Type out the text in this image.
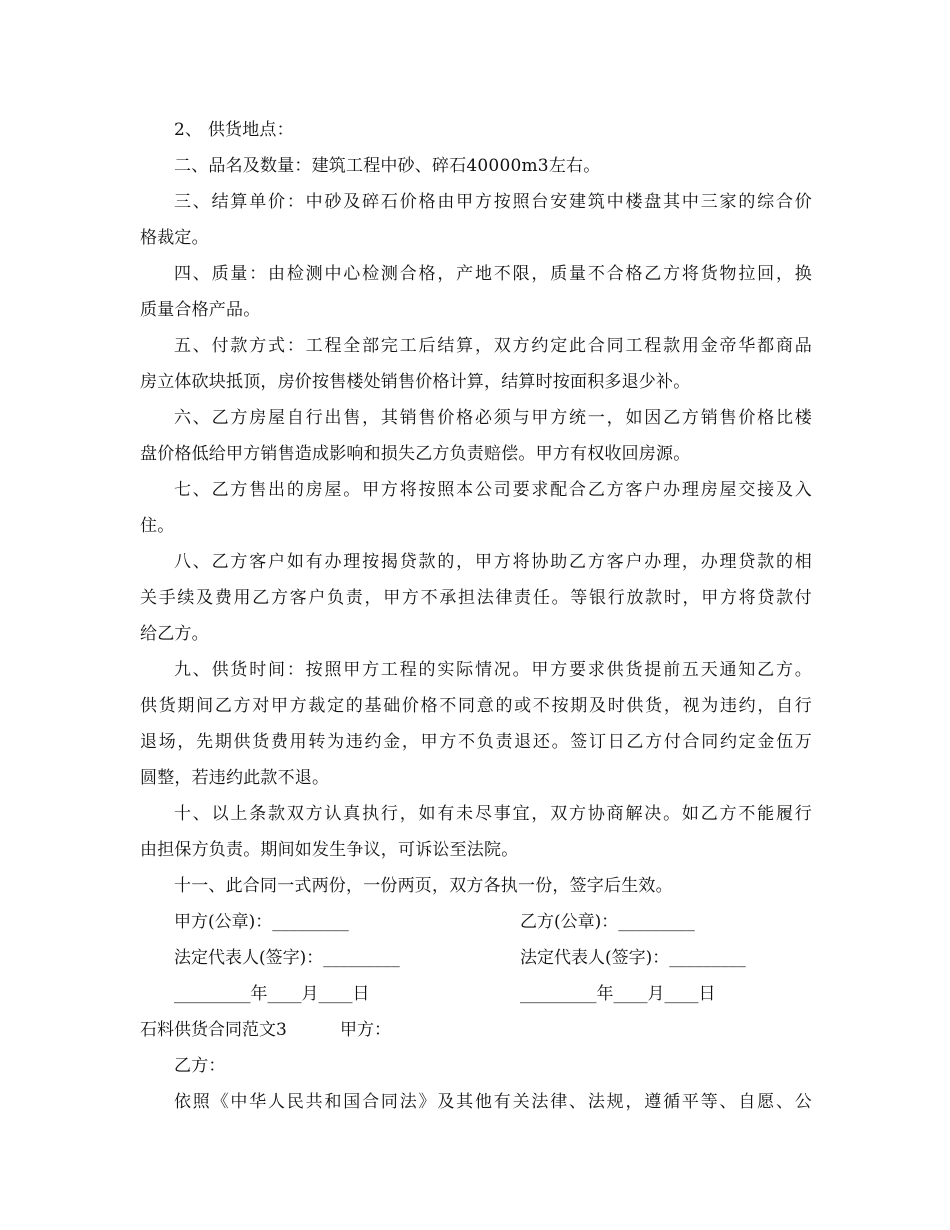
2、 供货地点：
二、品名及数量：建筑工程中砂、碎石40000m3左右。
三、结算单价：中砂及碎石价格由甲方按照台安建筑中楼盘其中三家的综合价
格裁定。
四、质量：由检测中心检测合格，产地不限，质量不合格乙方将货物拉回，换
质量合格产品。
五、付款方式：工程全部完工后结算，双方约定此合同工程款用金帝华都商品
房立体砍块抵顶，房价按售楼处销售价格计算，结算时按面积多退少补。
六、乙方房屋自行出售，其销售价格必须与甲方统一，如因乙方销售价格比楼
盘价格低给甲方销售造成影响和损失乙方负责赔偿。甲方有权收回房源。
七、乙方售出的房屋。甲方将按照本公司要求配合乙方客户办理房屋交接及入
住。
八、乙方客户如有办理按揭贷款的，甲方将协助乙方客户办理，办理贷款的相
关手续及费用乙方客户负责，甲方不承担法律责任。等银行放款时，甲方将贷款付
给乙方。
九、供货时间：按照甲方工程的实际情况。甲方要求供货提前五天通知乙方。
供货期间乙方对甲方裁定的基础价格不同意的或不按期及时供货，视为违约，自行
退场，先期供货费用转为违约金，甲方不负责退还。签订日乙方付合同约定金伍万
圆整，若违约此款不退。
十、以上条款双方认真执行，如有未尽事宜，双方协商解决。如乙方不能履行
由担保方负责。期间如发生争议，可诉讼至法院。
十一、此合同一式两份，一份两页，双方各执一份，签字后生效。
甲方(公章)：_________	乙方(公章)：_________
法定代表人(签字)：_________	法定代表人(签字)：_________
_________年____月____日	_________年____月____日
石料供货合同范文3	甲方：
乙方：
依照《中华人民共和国合同法》及其他有关法律、法规，遵循平等、自愿、公
